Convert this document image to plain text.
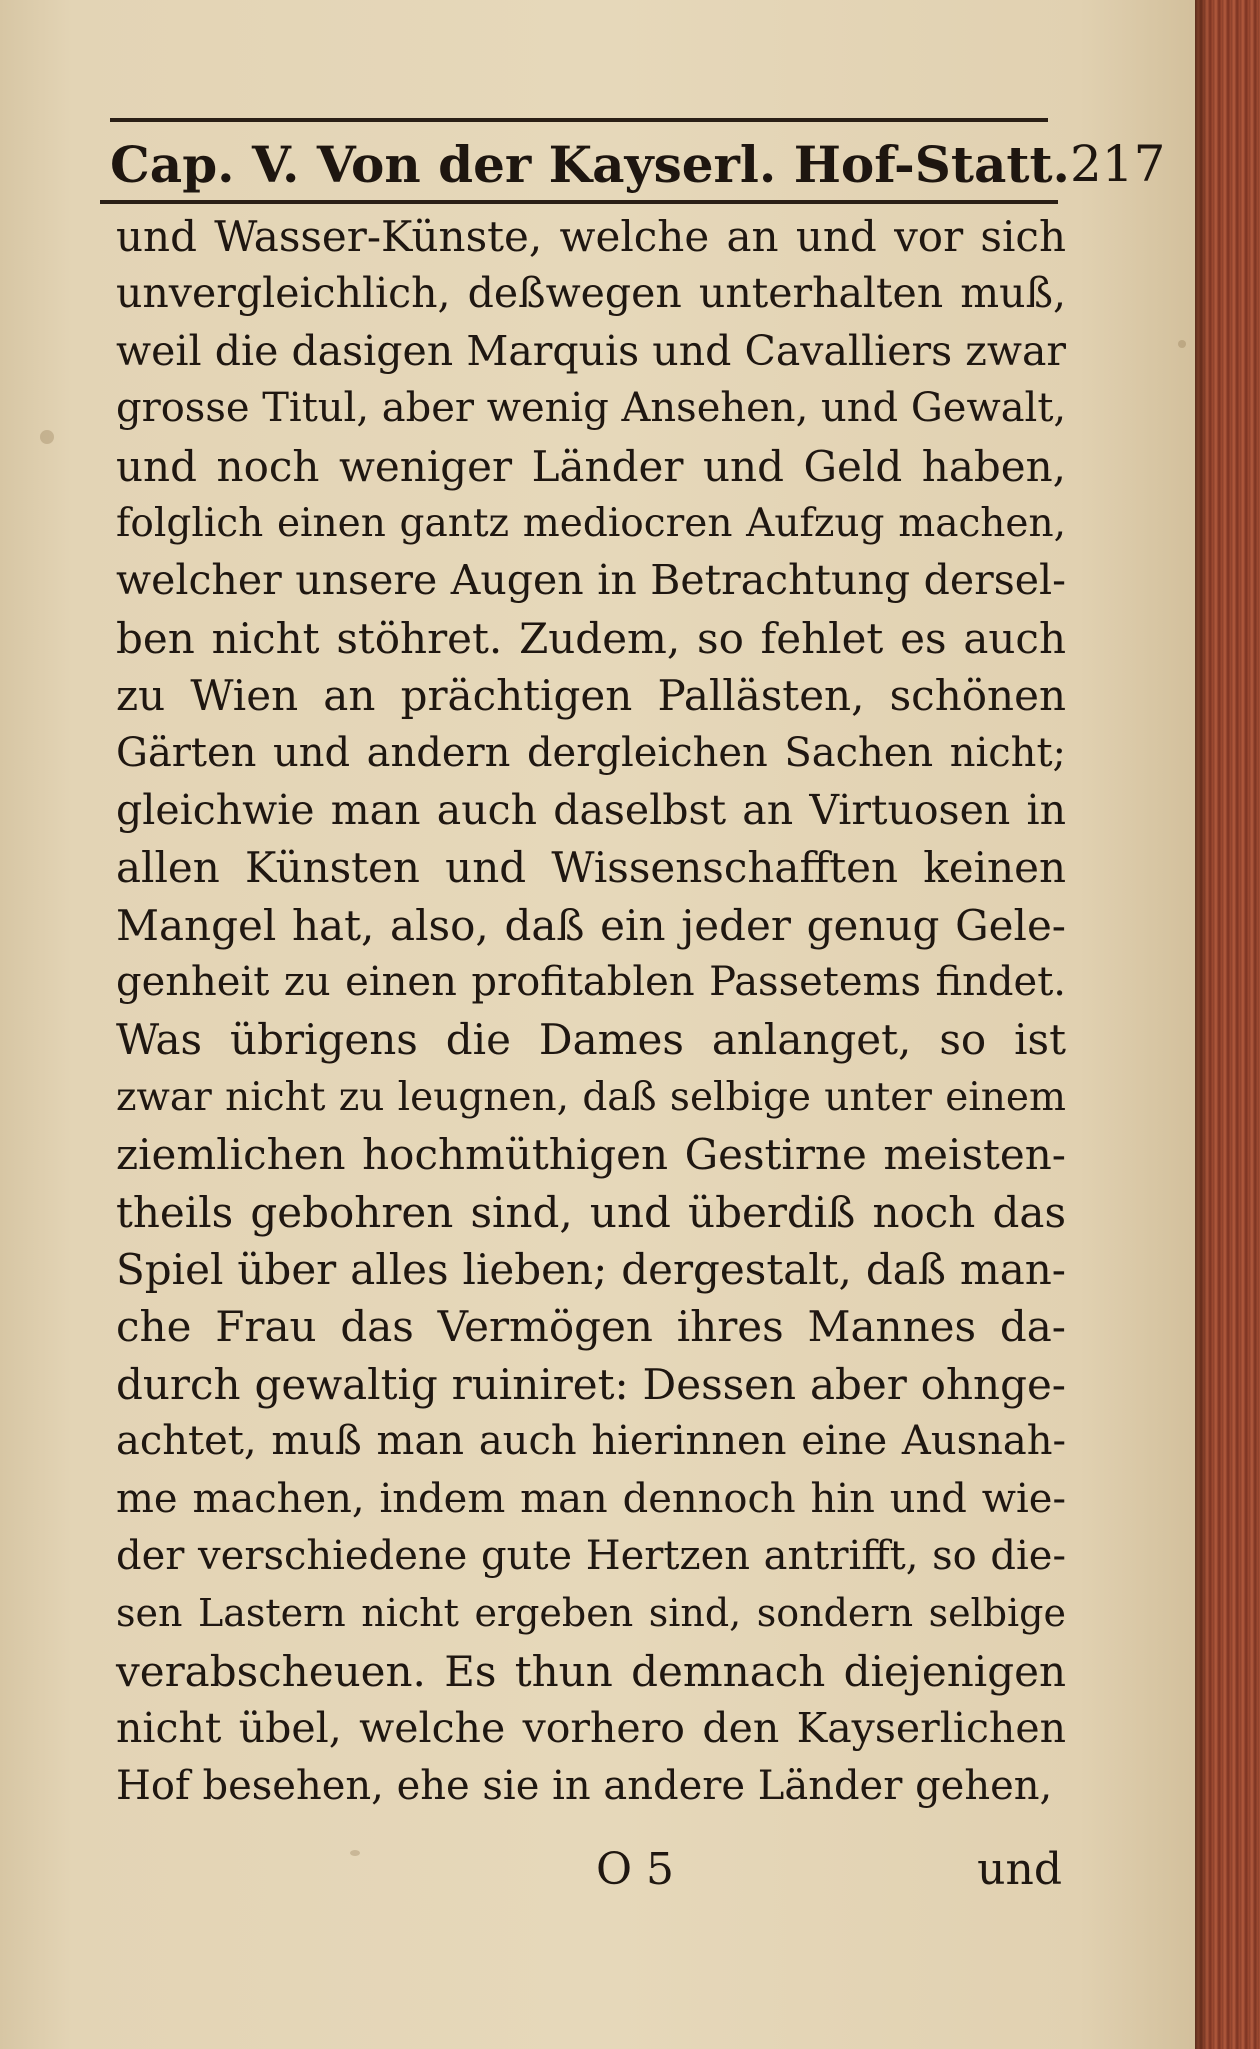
Cap. V. Von der Kayserl. Hof-Statt. 217
und Wasser-Künste, welche an und vor sich
unvergleichlich, deßwegen unterhalten muß,
weil die dasigen Marquis und Cavalliers zwar
grosse Titul, aber wenig Ansehen, und Gewalt,
und noch weniger Länder und Geld haben,
folglich einen gantz mediocren Aufzug machen,
welcher unsere Augen in Betrachtung dersel-
ben nicht stöhret. Zudem, so fehlet es auch
zu Wien an prächtigen Pallästen, schönen
Gärten und andern dergleichen Sachen nicht;
gleichwie man auch daselbst an Virtuosen in
allen Künsten und Wissenschafften keinen
Mangel hat, also, daß ein jeder genug Gele-
genheit zu einen profitablen Passetems findet.
Was übrigens die Dames anlanget, so ist
zwar nicht zu leugnen, daß selbige unter einem
ziemlichen hochmüthigen Gestirne meisten-
theils gebohren sind, und überdiß noch das
Spiel über alles lieben; dergestalt, daß man-
che Frau das Vermögen ihres Mannes da-
durch gewaltig ruiniret: Dessen aber ohnge-
achtet, muß man auch hierinnen eine Ausnah-
me machen, indem man dennoch hin und wie-
der verschiedene gute Hertzen antrifft, so die-
sen Lastern nicht ergeben sind, sondern selbige
verabscheuen. Es thun demnach diejenigen
nicht übel, welche vorhero den Kayserlichen
Hof besehen, ehe sie in andere Länder gehen,
O 5	und
